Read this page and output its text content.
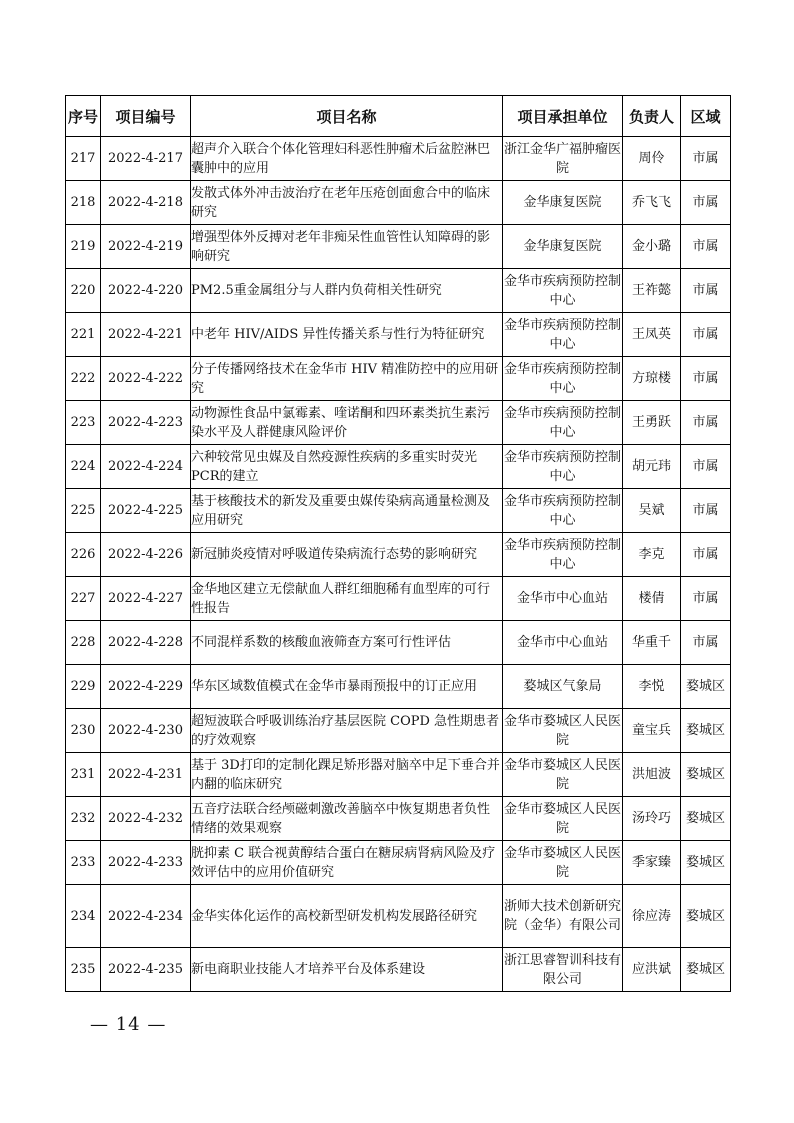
序号	项目编号	项目名称	项目承担单位	负责人	区域
217	2022-4-217	超声介入联合个体化管理妇科恶性肿瘤术后盆腔淋巴囊肿中的应用	浙江金华广福肿瘤医院	周伶	市属
218	2022-4-218	发散式体外冲击波治疗在老年压疮创面愈合中的临床研究	金华康复医院	乔飞飞	市属
219	2022-4-219	增强型体外反搏对老年非痴呆性血管性认知障碍的影响研究	金华康复医院	金小璐	市属
220	2022-4-220	PM2.5重金属组分与人群内负荷相关性研究	金华市疾病预防控制中心	王祚懿	市属
221	2022-4-221	中老年 HIV/AIDS 异性传播关系与性行为特征研究	金华市疾病预防控制中心	王凤英	市属
222	2022-4-222	分子传播网络技术在金华市 HIV 精准防控中的应用研究	金华市疾病预防控制中心	方琼楼	市属
223	2022-4-223	动物源性食品中氯霉素、喹诺酮和四环素类抗生素污染水平及人群健康风险评价	金华市疾病预防控制中心	王勇跃	市属
224	2022-4-224	六种较常见虫媒及自然疫源性疾病的多重实时荧光PCR的建立	金华市疾病预防控制中心	胡元玮	市属
225	2022-4-225	基于核酸技术的新发及重要虫媒传染病高通量检测及应用研究	金华市疾病预防控制中心	吴斌	市属
226	2022-4-226	新冠肺炎疫情对呼吸道传染病流行态势的影响研究	金华市疾病预防控制中心	李克	市属
227	2022-4-227	金华地区建立无偿献血人群红细胞稀有血型库的可行性报告	金华市中心血站	楼倩	市属
228	2022-4-228	不同混样系数的核酸血液筛查方案可行性评估	金华市中心血站	华重千	市属
229	2022-4-229	华东区域数值模式在金华市暴雨预报中的订正应用	婺城区气象局	李悦	婺城区
230	2022-4-230	超短波联合呼吸训练治疗基层医院 COPD 急性期患者的疗效观察	金华市婺城区人民医院	童宝兵	婺城区
231	2022-4-231	基于 3D打印的定制化踝足矫形器对脑卒中足下垂合并内翻的临床研究	金华市婺城区人民医院	洪旭波	婺城区
232	2022-4-232	五音疗法联合经颅磁刺激改善脑卒中恢复期患者负性情绪的效果观察	金华市婺城区人民医院	汤玲巧	婺城区
233	2022-4-233	胱抑素 C 联合视黄醇结合蛋白在糖尿病肾病风险及疗效评估中的应用价值研究	金华市婺城区人民医院	季家臻	婺城区
234	2022-4-234	金华实体化运作的高校新型研发机构发展路径研究	浙师大技术创新研究院（金华）有限公司	徐应涛	婺城区
235	2022-4-235	新电商职业技能人才培养平台及体系建设	浙江思睿智训科技有限公司	应洪斌	婺城区
— 14 —
